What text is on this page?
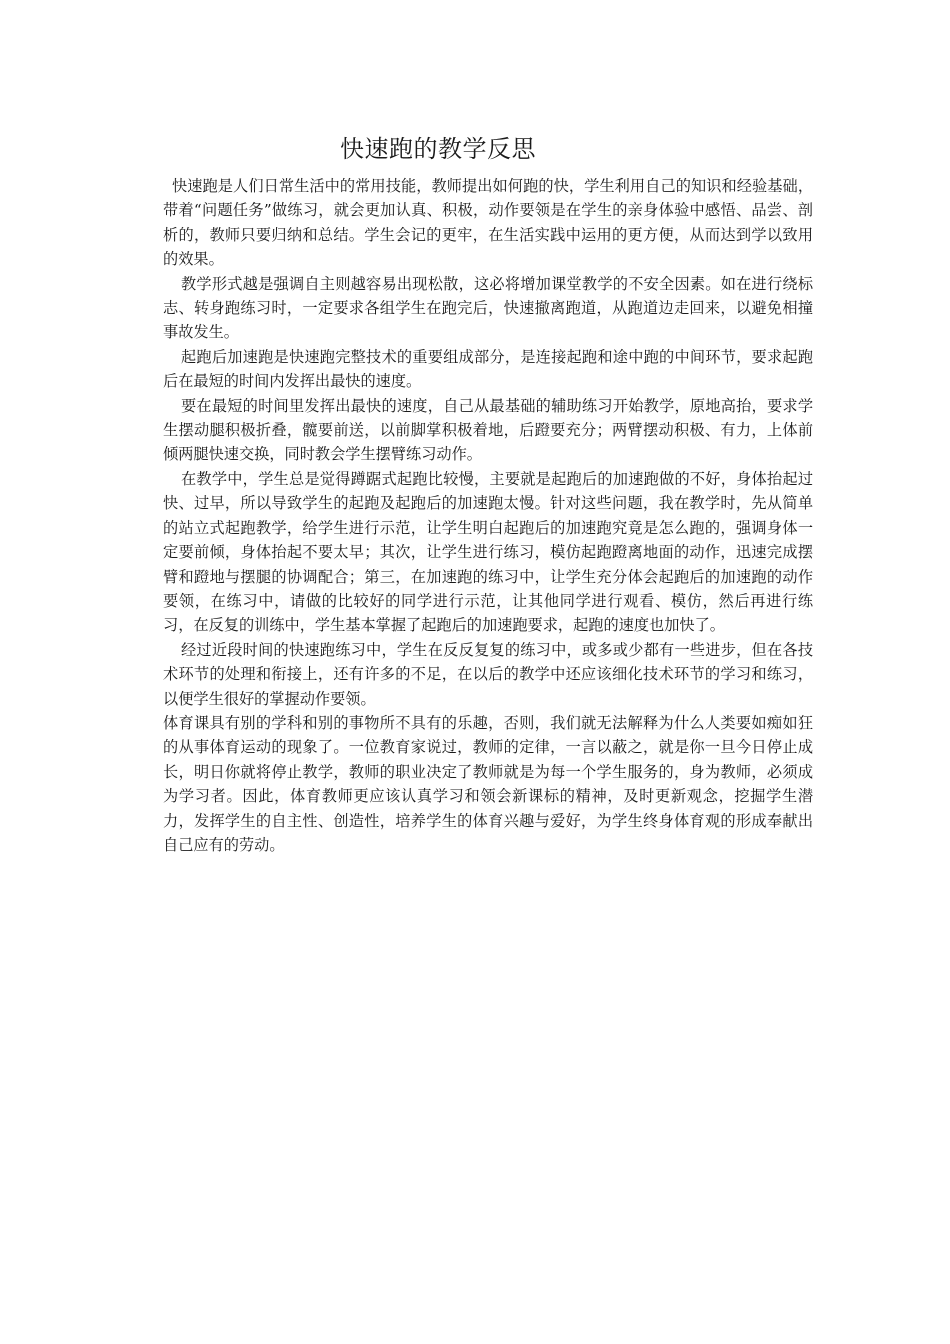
快速跑的教学反思

快速跑是人们日常生活中的常用技能，教师提出如何跑的快，学生利用自己的知识和经验基础，带着“问题任务”做练习，就会更加认真、积极，动作要领是在学生的亲身体验中感悟、品尝、剖析的，教师只要归纳和总结。学生会记的更牢，在生活实践中运用的更方便，从而达到学以致用的效果。

教学形式越是强调自主则越容易出现松散，这必将增加课堂教学的不安全因素。如在进行绕标志、转身跑练习时，一定要求各组学生在跑完后，快速撤离跑道，从跑道边走回来，以避免相撞事故发生。

起跑后加速跑是快速跑完整技术的重要组成部分，是连接起跑和途中跑的中间环节，要求起跑后在最短的时间内发挥出最快的速度。

要在最短的时间里发挥出最快的速度，自己从最基础的辅助练习开始教学，原地高抬，要求学生摆动腿积极折叠，髋要前送，以前脚掌积极着地，后蹬要充分；两臂摆动积极、有力，上体前倾两腿快速交换，同时教会学生摆臂练习动作。

在教学中，学生总是觉得蹲踞式起跑比较慢，主要就是起跑后的加速跑做的不好，身体抬起过快、过早，所以导致学生的起跑及起跑后的加速跑太慢。针对这些问题，我在教学时，先从简单的站立式起跑教学，给学生进行示范，让学生明白起跑后的加速跑究竟是怎么跑的，强调身体一定要前倾，身体抬起不要太早；其次，让学生进行练习，模仿起跑蹬离地面的动作，迅速完成摆臂和蹬地与摆腿的协调配合；第三，在加速跑的练习中，让学生充分体会起跑后的加速跑的动作要领，在练习中，请做的比较好的同学进行示范，让其他同学进行观看、模仿，然后再进行练习，在反复的训练中，学生基本掌握了起跑后的加速跑要求，起跑的速度也加快了。

经过近段时间的快速跑练习中，学生在反反复复的练习中，或多或少都有一些进步，但在各技术环节的处理和衔接上，还有许多的不足，在以后的教学中还应该细化技术环节的学习和练习，以便学生很好的掌握动作要领。

体育课具有别的学科和别的事物所不具有的乐趣，否则，我们就无法解释为什么人类要如痴如狂的从事体育运动的现象了。一位教育家说过，教师的定律，一言以蔽之，就是你一旦今日停止成长，明日你就将停止教学，教师的职业决定了教师就是为每一个学生服务的，身为教师，必须成为学习者。因此，体育教师更应该认真学习和领会新课标的精神，及时更新观念，挖掘学生潜力，发挥学生的自主性、创造性，培养学生的体育兴趣与爱好，为学生终身体育观的形成奉献出自己应有的劳动。
